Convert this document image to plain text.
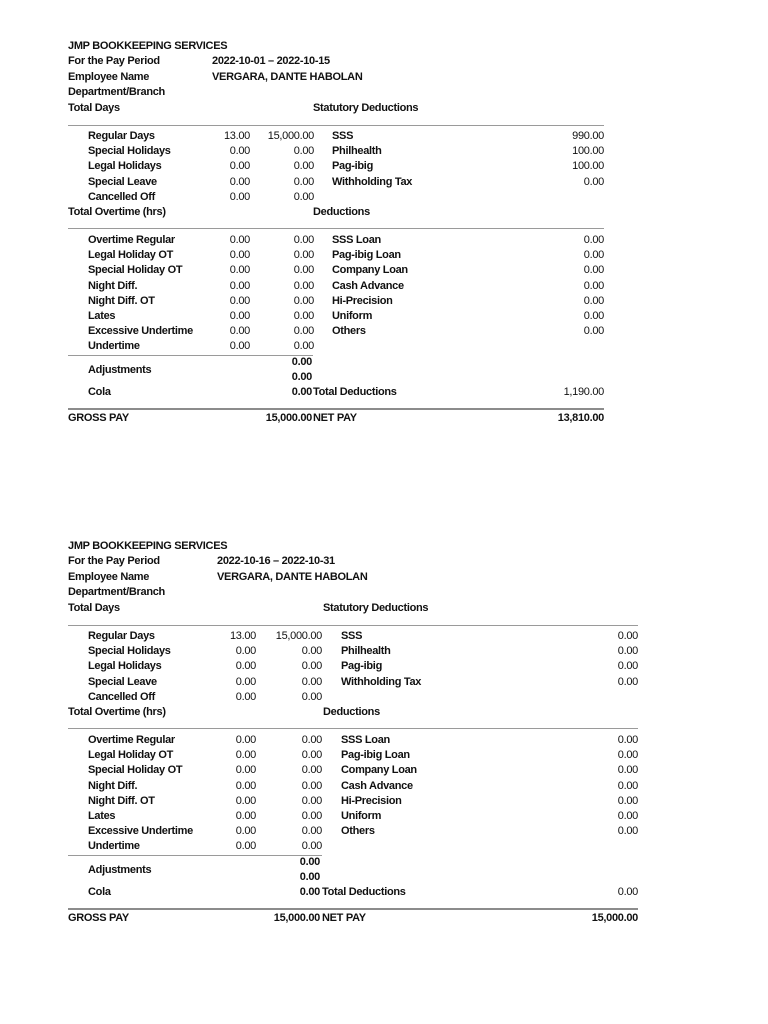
JMP BOOKKEEPING SERVICES
For the Pay Period	2022-10-01 – 2022-10-15
Employee Name	VERGARA, DANTE HABOLAN
Department/Branch
Total Days	Statutory Deductions
Regular Days	13.00	15,000.00 SSS	990.00
Special Holidays	0.00	0.00 Philhealth	100.00
Legal Holidays	0.00	0.00 Pag-ibig	100.00
Special Leave	0.00	0.00 Withholding Tax	0.00
Cancelled Off	0.00	0.00
Total Overtime (hrs)	Deductions
Overtime Regular	0.00	0.00 SSS Loan	0.00
Legal Holiday OT	0.00	0.00 Pag-ibig Loan	0.00
Special Holiday OT	0.00	0.00 Company Loan	0.00
Night Diff.	0.00	0.00 Cash Advance	0.00
Night Diff. OT	0.00	0.00 Hi-Precision	0.00
Lates	0.00	0.00 Uniform	0.00
Excessive Undertime	0.00	0.00 Others	0.00
Undertime	0.00	0.00
Adjustments
0.00
0.00
Cola	0.00 Total Deductions	1,190.00
GROSS PAY	15,000.00 NET PAY	13,810.00
JMP BOOKKEEPING SERVICES
For the Pay Period	2022-10-16 – 2022-10-31
Employee Name	VERGARA, DANTE HABOLAN
Department/Branch
Total Days	Statutory Deductions
Regular Days	13.00	15,000.00 SSS	0.00
Special Holidays	0.00	0.00 Philhealth	0.00
Legal Holidays	0.00	0.00 Pag-ibig	0.00
Special Leave	0.00	0.00 Withholding Tax	0.00
Cancelled Off	0.00	0.00
Total Overtime (hrs)	Deductions
Overtime Regular	0.00	0.00 SSS Loan	0.00
Legal Holiday OT	0.00	0.00 Pag-ibig Loan	0.00
Special Holiday OT	0.00	0.00 Company Loan	0.00
Night Diff.	0.00	0.00 Cash Advance	0.00
Night Diff. OT	0.00	0.00 Hi-Precision	0.00
Lates	0.00	0.00 Uniform	0.00
Excessive Undertime	0.00	0.00 Others	0.00
Undertime	0.00	0.00
Adjustments
0.00
0.00
Cola	0.00 Total Deductions	0.00
GROSS PAY	15,000.00 NET PAY	15,000.00
